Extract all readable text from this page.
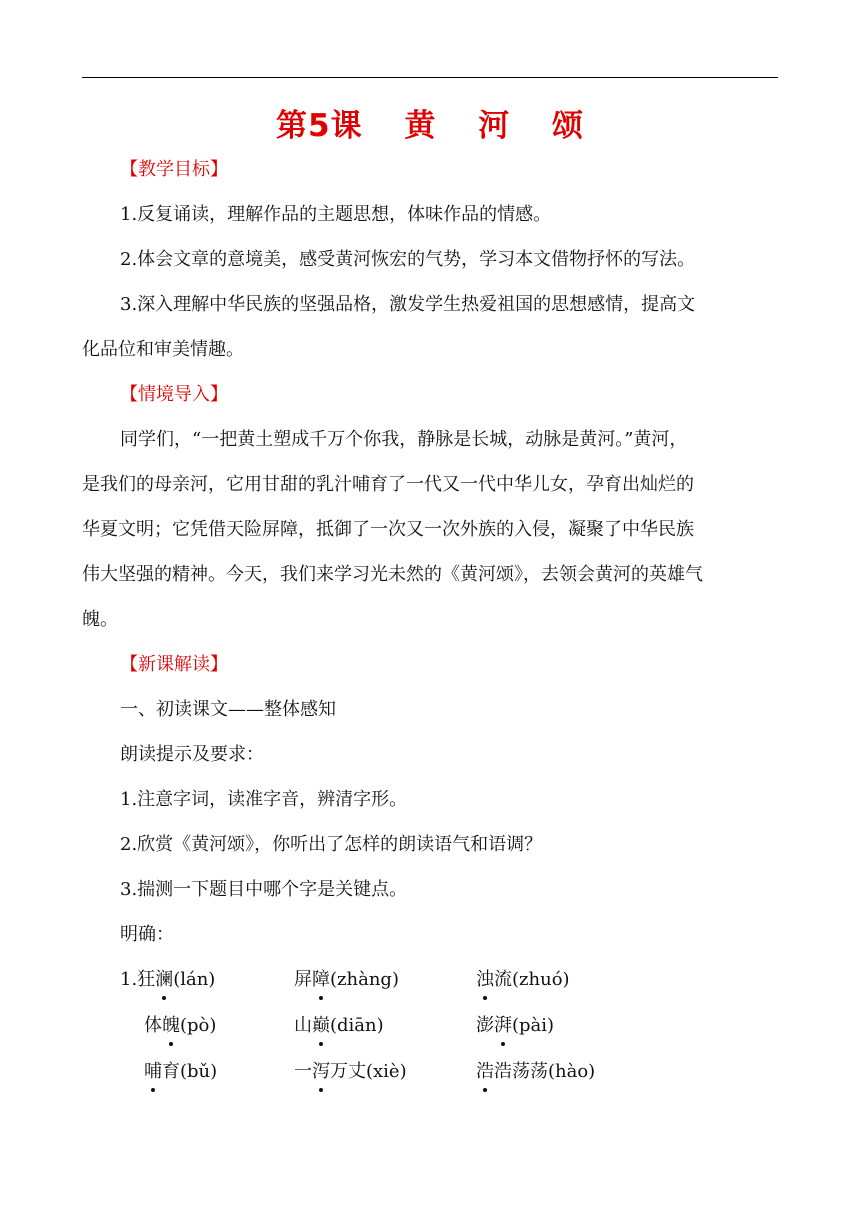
第5课 黄 河 颂

【教学目标】

1.反复诵读，理解作品的主题思想，体味作品的情感。

2.体会文章的意境美，感受黄河恢宏的气势，学习本文借物抒怀的写法。

3.深入理解中华民族的坚强品格，激发学生热爱祖国的思想感情，提高文

化品位和审美情趣。

【情境导入】

同学们，“一把黄土塑成千万个你我，静脉是长城，动脉是黄河。”黄河，

是我们的母亲河，它用甘甜的乳汁哺育了一代又一代中华儿女，孕育出灿烂的

华夏文明；它凭借天险屏障，抵御了一次又一次外族的入侵，凝聚了中华民族

伟大坚强的精神。今天，我们来学习光未然的《黄河颂》，去领会黄河的英雄气

魄。

【新课解读】

一、初读课文——整体感知

朗读提示及要求：

1.注意字词，读准字音，辨清字形。

2.欣赏《黄河颂》，你听出了怎样的朗读语气和语调？

3.揣测一下题目中哪个字是关键点。

明确：

1.狂澜(lán)	屏障(zhàng)	浊流(zhuó)
体魄(pò)	山巅(diān)	澎湃(pài)
哺育(bǔ)	一泻万丈(xiè)	浩浩荡荡(hào)
